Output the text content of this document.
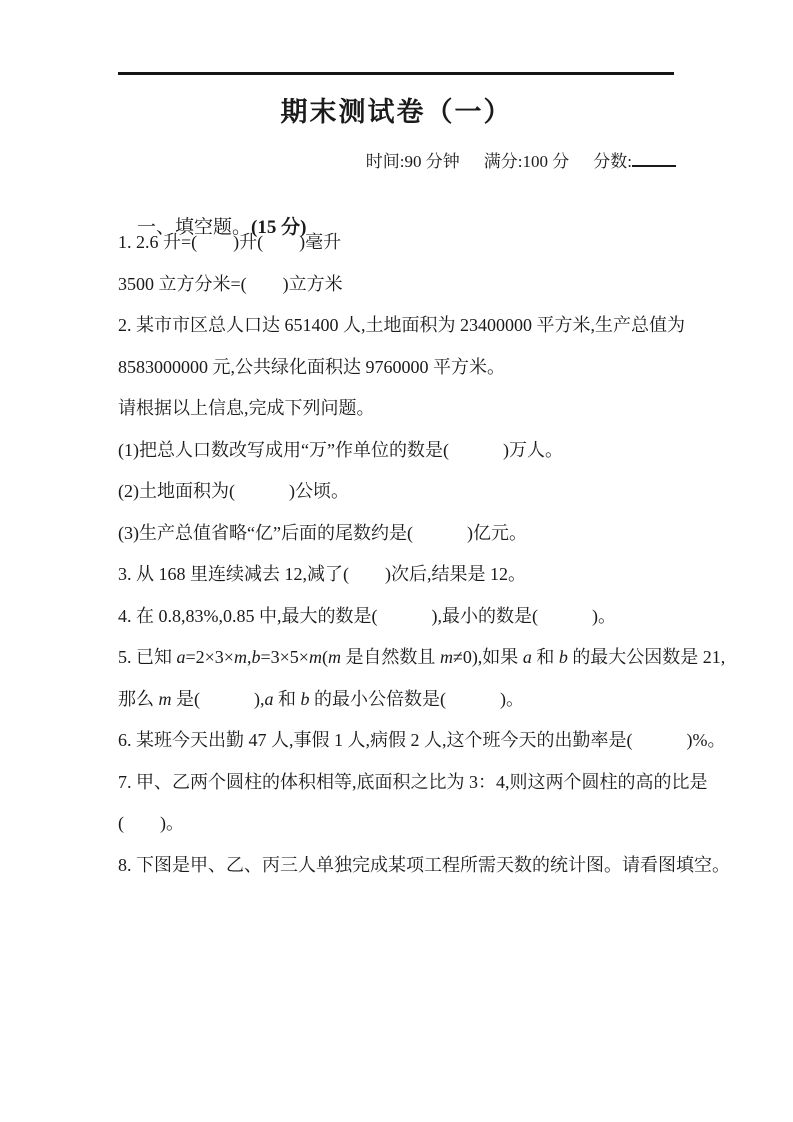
期末测试卷（一）
时间:90 分钟 满分:100 分 分数:

一、填空题。(15 分)

1. 2.6 升=(　　)升(　　)毫升
3500 立方分米=(　　)立方米
2. 某市市区总人口达 651400 人,土地面积为 23400000 平方米,生产总值为
8583000000 元,公共绿化面积达 9760000 平方米。
请根据以上信息,完成下列问题。
(1)把总人口数改写成用“万”作单位的数是(　　　)万人。
(2)土地面积为(　　　)公顷。
(3)生产总值省略“亿”后面的尾数约是(　　　)亿元。
3. 从 168 里连续减去 12,减了(　　)次后,结果是 12。
4. 在 0.8,83%,0.85 中,最大的数是(　　　),最小的数是(　　　)。
5. 已知 a=2×3×m,b=3×5×m(m 是自然数且 m≠0),如果 a 和 b 的最大公因数是 21,
那么 m 是(　　　),a 和 b 的最小公倍数是(　　　)。
6. 某班今天出勤 47 人,事假 1 人,病假 2 人,这个班今天的出勤率是(　　　)%。
7. 甲、乙两个圆柱的体积相等,底面积之比为 3：4,则这两个圆柱的高的比是
(　　)。
8. 下图是甲、乙、丙三人单独完成某项工程所需天数的统计图。请看图填空。
